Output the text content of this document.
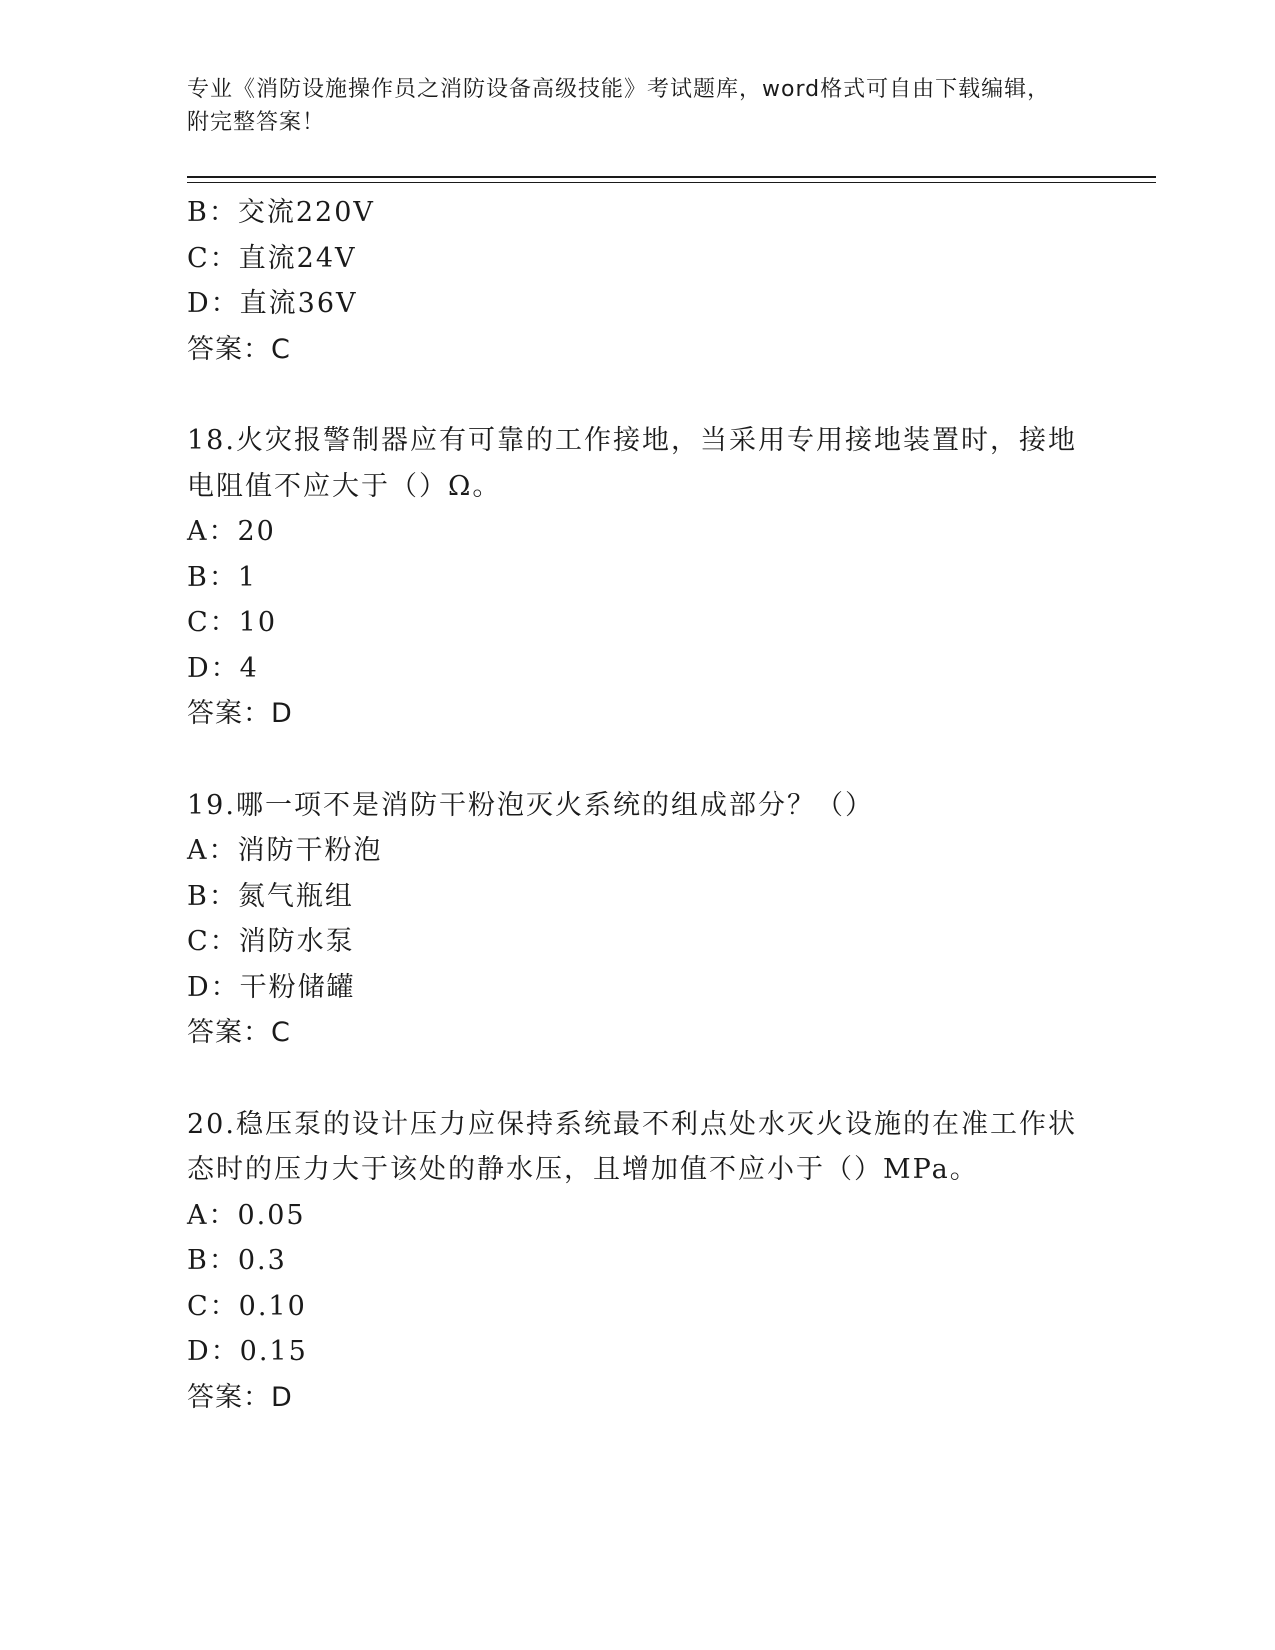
专业《消防设施操作员之消防设备高级技能》考试题库，word格式可自由下载编辑，附完整答案！
B：交流220V
C：直流24V
D：直流36V
答案：C
18.火灾报警制器应有可靠的工作接地，当采用专用接地装置时，接地
电阻值不应大于（）Ω。
A：20
B：1
C：10
D：4
答案：D
19.哪一项不是消防干粉泡灭火系统的组成部分？（）
A：消防干粉泡
B：氮气瓶组
C：消防水泵
D：干粉储罐
答案：C
20.稳压泵的设计压力应保持系统最不利点处水灭火设施的在准工作状
态时的压力大于该处的静水压，且增加值不应小于（）MPa。
A：0.05
B：0.3
C：0.10
D：0.15
答案：D
